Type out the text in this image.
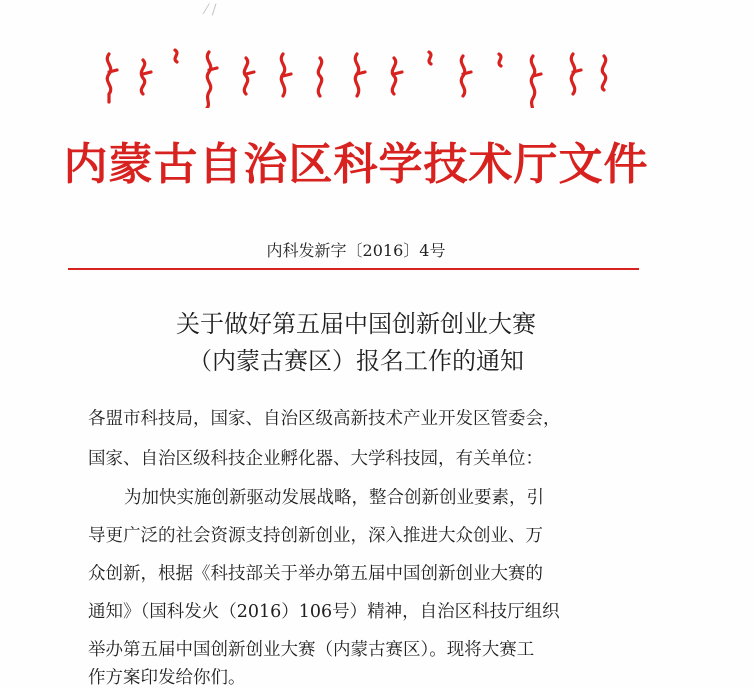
⁄ ∕
内蒙古自治区科学技术厅文件
内科发新字〔2016〕4号
关于做好第五届中国创新创业大赛
（内蒙古赛区）报名工作的通知
各盟市科技局，国家、自治区级高新技术产业开发区管委会，
国家、自治区级科技企业孵化器、大学科技园，有关单位：
为加快实施创新驱动发展战略，整合创新创业要素，引
导更广泛的社会资源支持创新创业，深入推进大众创业、万
众创新，根据《科技部关于举办第五届中国创新创业大赛的
通知》（国科发火（2016）106号）精神，自治区科技厅组织
举办第五届中国创新创业大赛（内蒙古赛区）。现将大赛工
作方案印发给你们。
